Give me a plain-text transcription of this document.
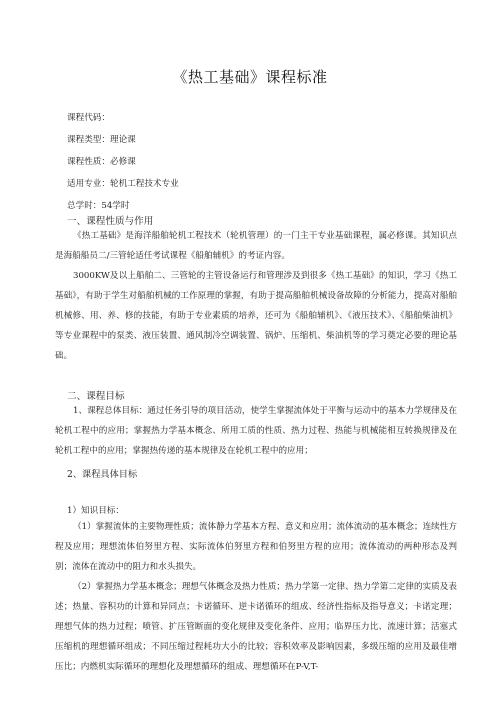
《热工基础》课程标准
课程代码：
课程类型：理论课
课程性质：必修课
适用专业：轮机工程技术专业
总学时：54学时
一、课程性质与作用
《热工基础》是海洋船舶轮机工程技术（轮机管理）的一门主干专业基础课程，属必修课。其知识点是海船船员二/三管轮适任考试课程《船舶辅机》的考证内容。
3000KW及以上船舶二、三管轮的主管设备运行和管理涉及到很多《热工基础》的知识，学习《热工基础》，有助于学生对船舶机械的工作原理的掌握，有助于提高船舶机械设备故障的分析能力，提高对船舶机械修、用、养、修的技能，有助于专业素质的培养，还可为《船舶辅机》、《液压技术》、《船舶柴油机》等专业课程中的泵类、液压装置、通风制冷空调装置、锅炉、压缩机、柴油机等的学习奠定必要的理论基础。
二、课程目标
1、课程总体目标：通过任务引导的项目活动，使学生掌握流体处于平衡与运动中的基本力学规律及在轮机工程中的应用；掌握热力学基本概念、所用工质的性质、热力过程、热能与机械能相互转换规律及在轮机工程中的应用；掌握热传递的基本规律及在轮机工程中的应用；
2、课程具体目标
1）知识目标：
（1）掌握流体的主要物理性质；流体静力学基本方程、意义和应用；流体流动的基本概念；连续性方程及应用；理想流体伯努里方程、实际流体伯努里方程和伯努里方程的应用；流体流动的两种形态及判别；流体在流动中的阻力和水头损失。
（2）掌握热力学基本概念；理想气体概念及热力性质；热力学第一定律、热力学第二定律的实质及表述；热量、容积功的计算和异同点；卡诺循环、逆卡诺循环的组成、经济性指标及指导意义；卡诺定理；理想气体的热力过程；喷管、扩压管断面的变化规律及变化条件、应用；临界压力比、流速计算；活塞式压缩机的理想循环组成；不同压缩过程耗功大小的比较；容积效率及影响因素，多级压缩的应用及最佳增压比；内燃机实际循环的理想化及理想循环的组成、理想循环在P-V,T-
